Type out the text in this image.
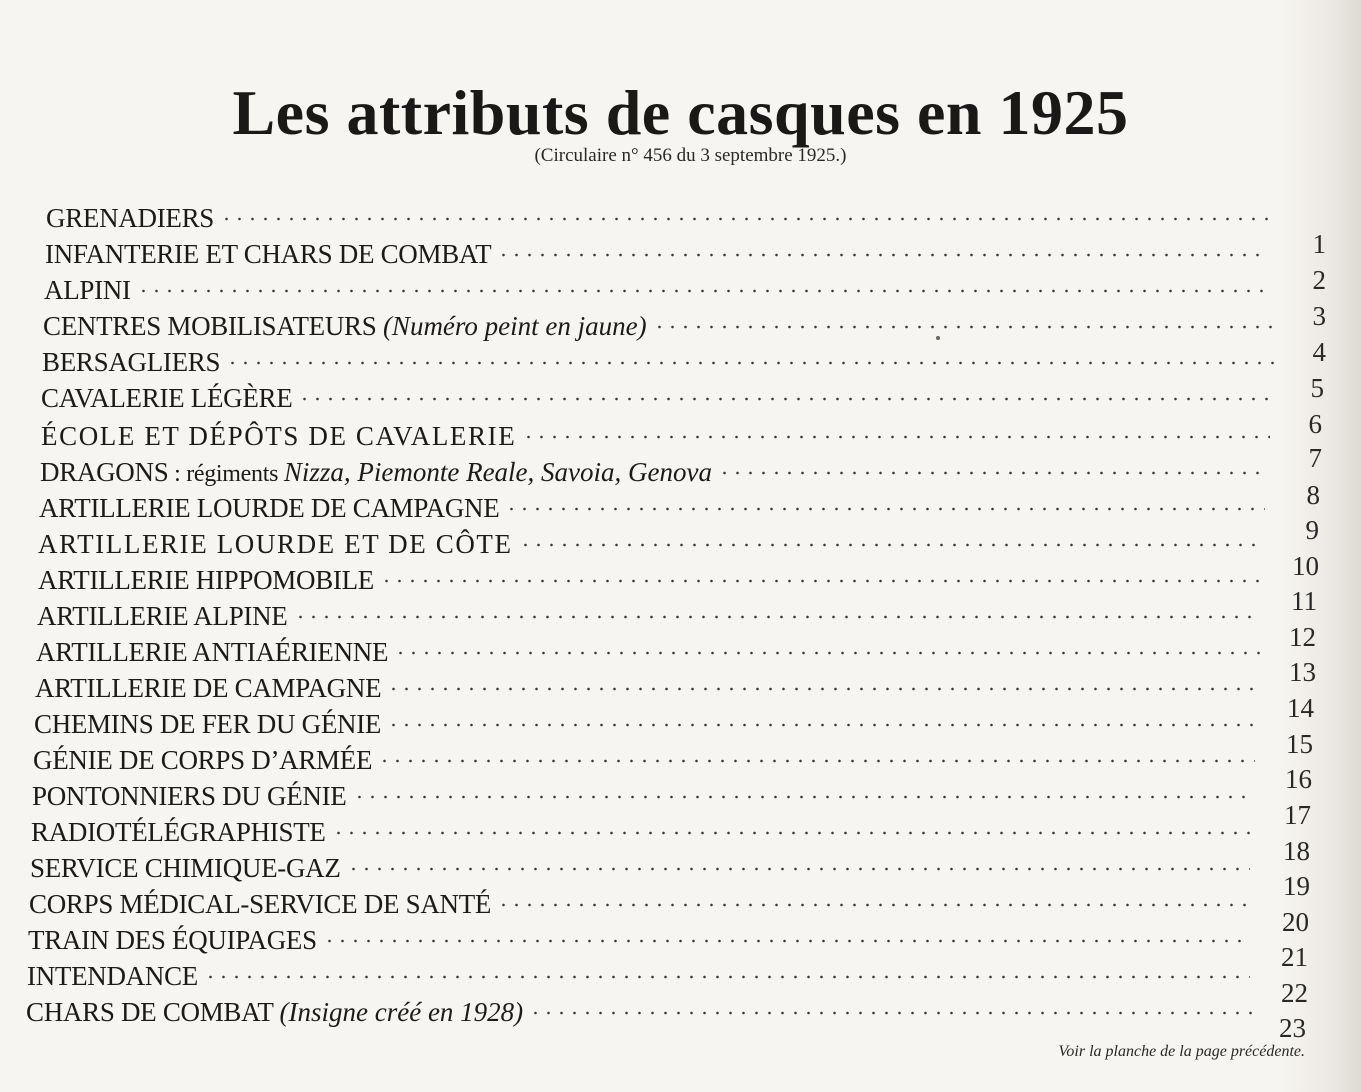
Les attributs de casques en 1925
(Circulaire n° 456 du 3 septembre 1925.)
GRENADIERS
1
INFANTERIE ET CHARS DE COMBAT
2
ALPINI
3
CENTRES MOBILISATEURS (Numéro peint en jaune)
4
BERSAGLIERS
5
CAVALERIE LÉGÈRE
6
ÉCOLE ET DÉPÔTS DE CAVALERIE
7
DRAGONS : régiments Nizza, Piemonte Reale, Savoia, Genova
8
ARTILLERIE LOURDE DE CAMPAGNE
9
ARTILLERIE LOURDE ET DE CÔTE
10
ARTILLERIE HIPPOMOBILE
11
ARTILLERIE ALPINE
12
ARTILLERIE ANTIAÉRIENNE
13
ARTILLERIE DE CAMPAGNE
14
CHEMINS DE FER DU GÉNIE
15
GÉNIE DE CORPS D’ARMÉE
16
PONTONNIERS DU GÉNIE
17
RADIOTÉLÉGRAPHISTE
18
SERVICE CHIMIQUE-GAZ
19
CORPS MÉDICAL-SERVICE DE SANTÉ
20
TRAIN DES ÉQUIPAGES
21
INTENDANCE
22
CHARS DE COMBAT (Insigne créé en 1928)
23
Voir la planche de la page précédente.
